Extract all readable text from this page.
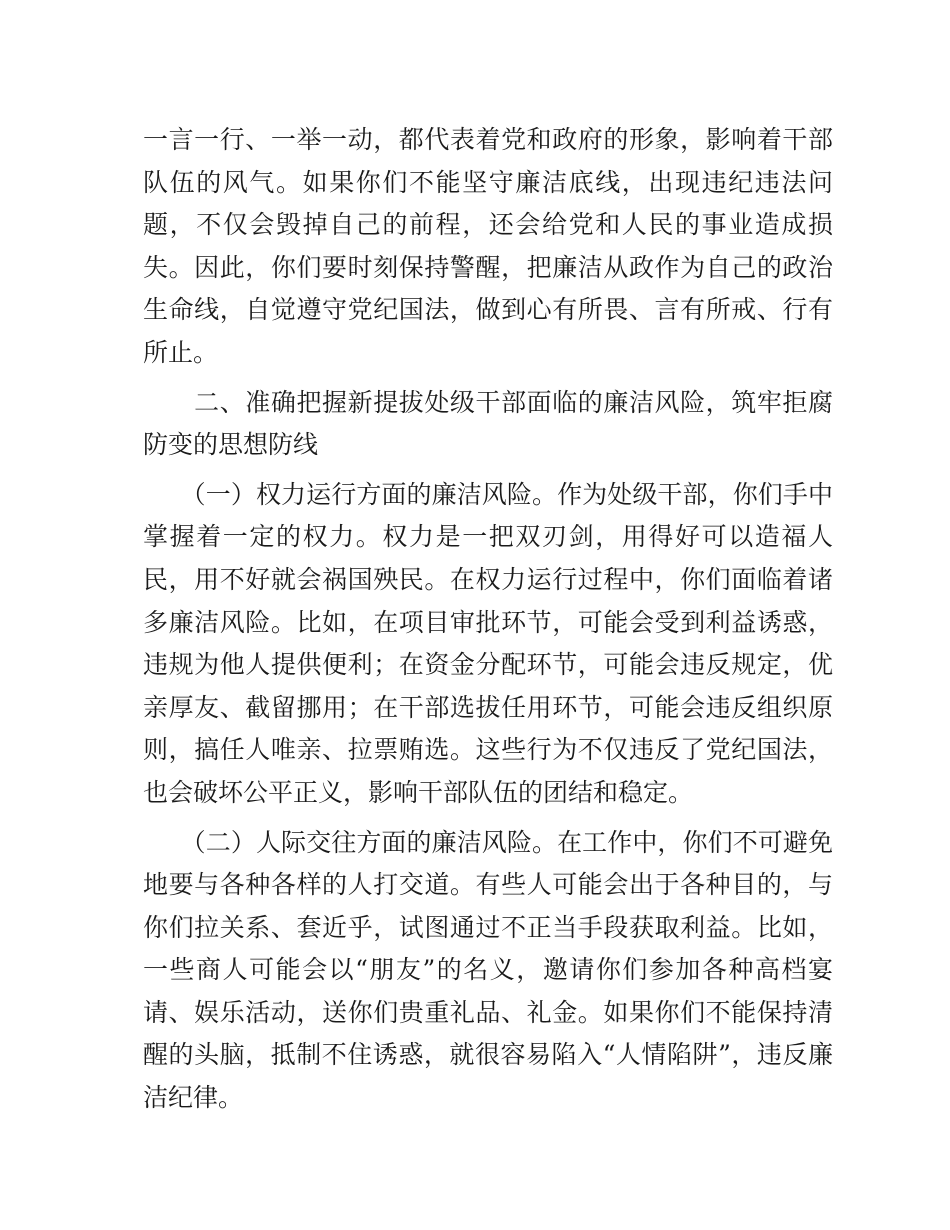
一言一行、一举一动，都代表着党和政府的形象，影响着干部队伍的风气。如果你们不能坚守廉洁底线，出现违纪违法问题，不仅会毁掉自己的前程，还会给党和人民的事业造成损失。因此，你们要时刻保持警醒，把廉洁从政作为自己的政治生命线，自觉遵守党纪国法，做到心有所畏、言有所戒、行有所止。

　　二、准确把握新提拔处级干部面临的廉洁风险，筑牢拒腐防变的思想防线

　　（一）权力运行方面的廉洁风险。作为处级干部，你们手中掌握着一定的权力。权力是一把双刃剑，用得好可以造福人民，用不好就会祸国殃民。在权力运行过程中，你们面临着诸多廉洁风险。比如，在项目审批环节，可能会受到利益诱惑，违规为他人提供便利；在资金分配环节，可能会违反规定，优亲厚友、截留挪用；在干部选拔任用环节，可能会违反组织原则，搞任人唯亲、拉票贿选。这些行为不仅违反了党纪国法，也会破坏公平正义，影响干部队伍的团结和稳定。

　　（二）人际交往方面的廉洁风险。在工作中，你们不可避免地要与各种各样的人打交道。有些人可能会出于各种目的，与你们拉关系、套近乎，试图通过不正当手段获取利益。比如，一些商人可能会以“朋友”的名义，邀请你们参加各种高档宴请、娱乐活动，送你们贵重礼品、礼金。如果你们不能保持清醒的头脑，抵制不住诱惑，就很容易陷入“人情陷阱”，违反廉洁纪律。
